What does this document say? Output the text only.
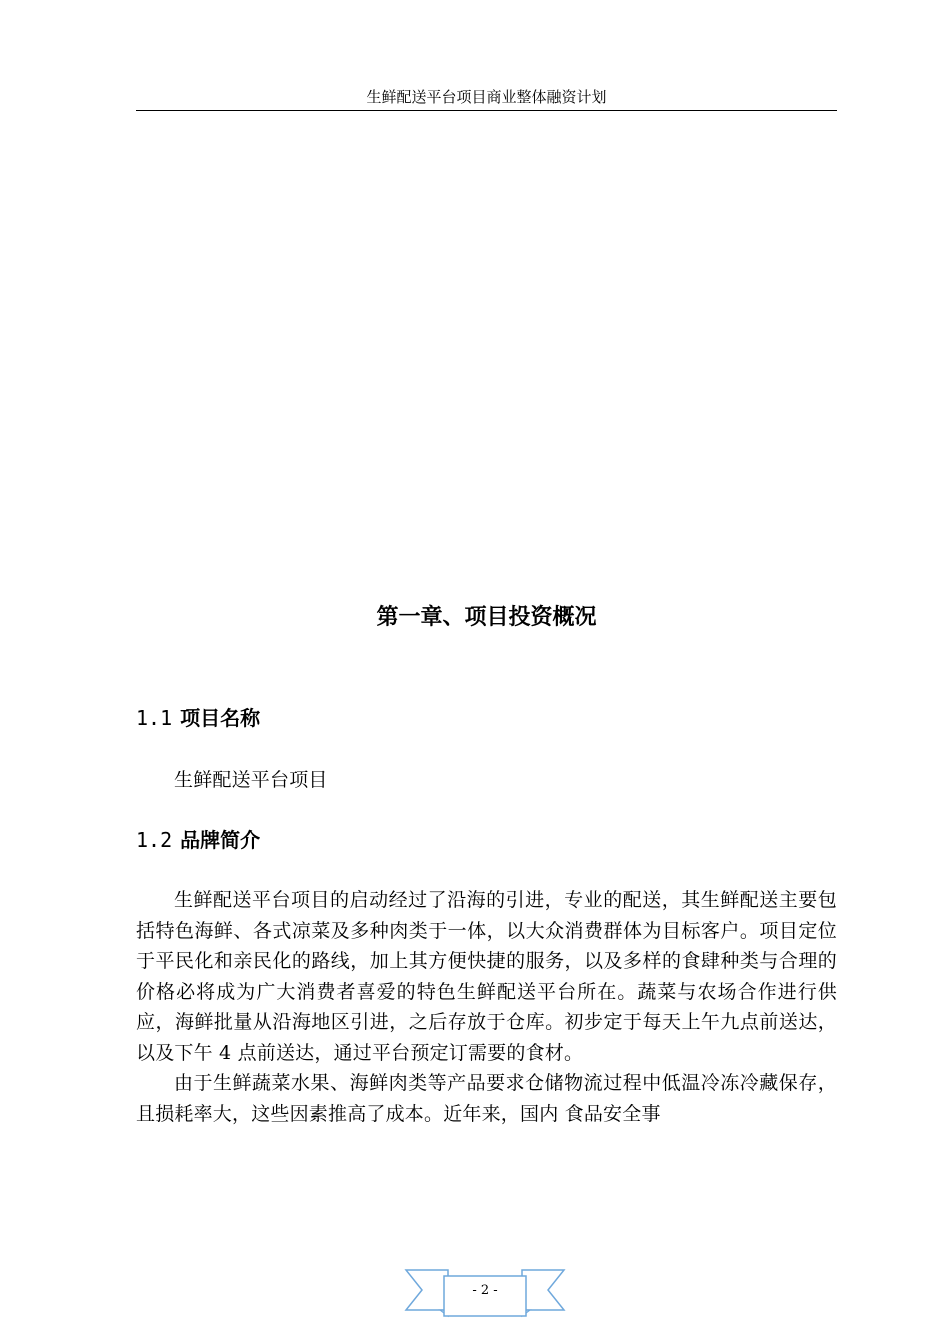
生鲜配送平台项目商业整体融资计划
第一章、项目投资概况
1.1 项目名称

生鲜配送平台项目

1.2 品牌简介

生鲜配送平台项目的启动经过了沿海的引进，专业的配送，其生鲜配送主要包括特色海鲜、各式凉菜及多种肉类于一体，以大众消费群体为目标客户。项目定位于平民化和亲民化的路线，加上其方便快捷的服务，以及多样的食肆种类与合理的价格必将成为广大消费者喜爱的特色生鲜配送平台所在。蔬菜与农场合作进行供应，海鲜批量从沿海地区引进，之后存放于仓库。初步定于每天上午九点前送达，以及下午 4 点前送达，通过平台预定订需要的食材。

由于生鲜蔬菜水果、海鲜肉类等产品要求仓储物流过程中低温冷冻冷藏保存，且损耗率大，这些因素推高了成本。近年来，国内 食品安全事

- 2 -
